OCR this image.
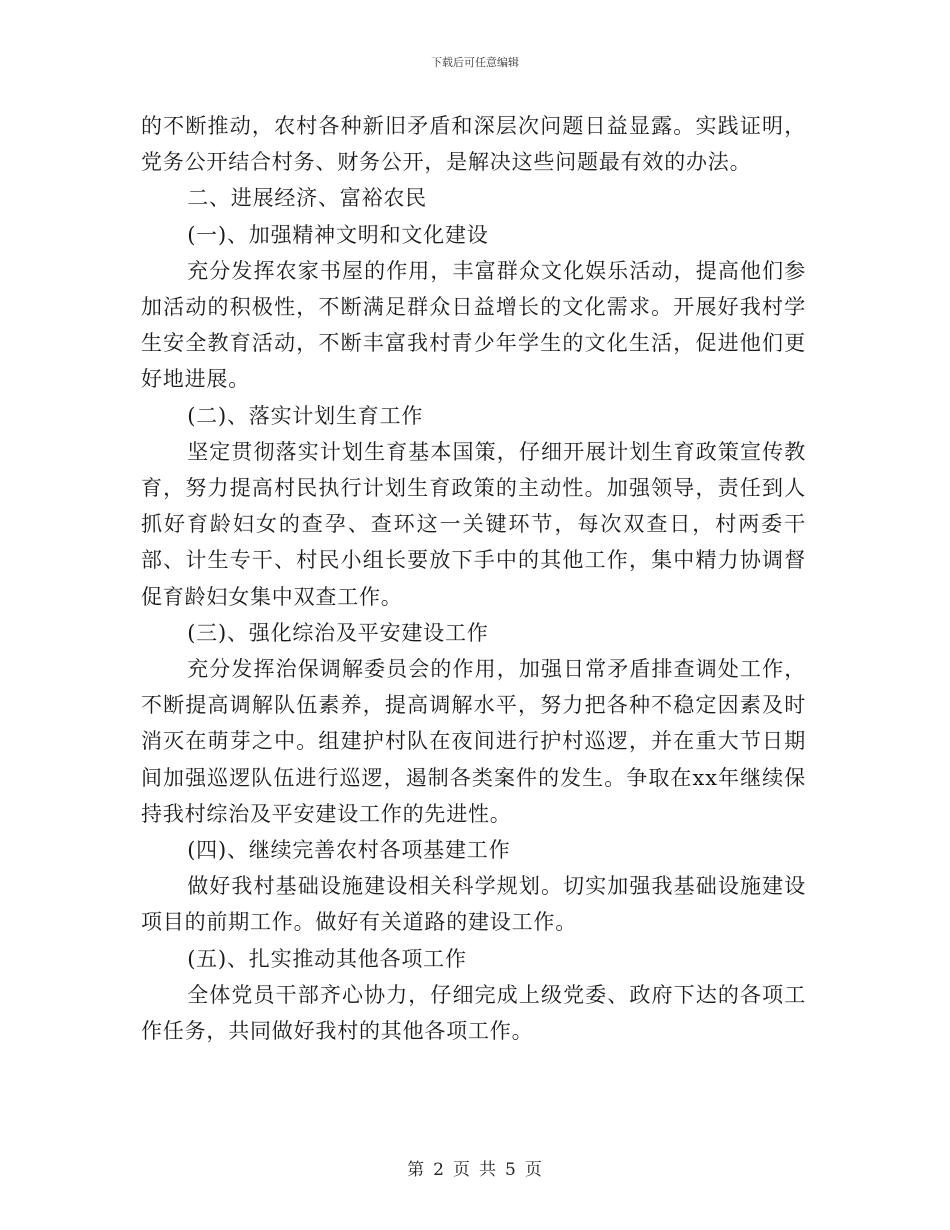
下载后可任意编辑

的不断推动，农村各种新旧矛盾和深层次问题日益显露。实践证明，党务公开结合村务、财务公开，是解决这些问题最有效的办法。

二、进展经济、富裕农民

(一)、加强精神文明和文化建设

充分发挥农家书屋的作用，丰富群众文化娱乐活动，提高他们参加活动的积极性，不断满足群众日益增长的文化需求。开展好我村学生安全教育活动，不断丰富我村青少年学生的文化生活，促进他们更好地进展。

(二)、落实计划生育工作

坚定贯彻落实计划生育基本国策，仔细开展计划生育政策宣传教育，努力提高村民执行计划生育政策的主动性。加强领导，责任到人抓好育龄妇女的查孕、查环这一关键环节，每次双查日，村两委干部、计生专干、村民小组长要放下手中的其他工作，集中精力协调督促育龄妇女集中双查工作。

(三)、强化综治及平安建设工作

充分发挥治保调解委员会的作用，加强日常矛盾排查调处工作，不断提高调解队伍素养，提高调解水平，努力把各种不稳定因素及时消灭在萌芽之中。组建护村队在夜间进行护村巡逻，并在重大节日期间加强巡逻队伍进行巡逻，遏制各类案件的发生。争取在xx年继续保持我村综治及平安建设工作的先进性。

(四)、继续完善农村各项基建工作

做好我村基础设施建设相关科学规划。切实加强我基础设施建设项目的前期工作。做好有关道路的建设工作。

(五)、扎实推动其他各项工作

全体党员干部齐心协力，仔细完成上级党委、政府下达的各项工作任务，共同做好我村的其他各项工作。

第 2 页 共 5 页
